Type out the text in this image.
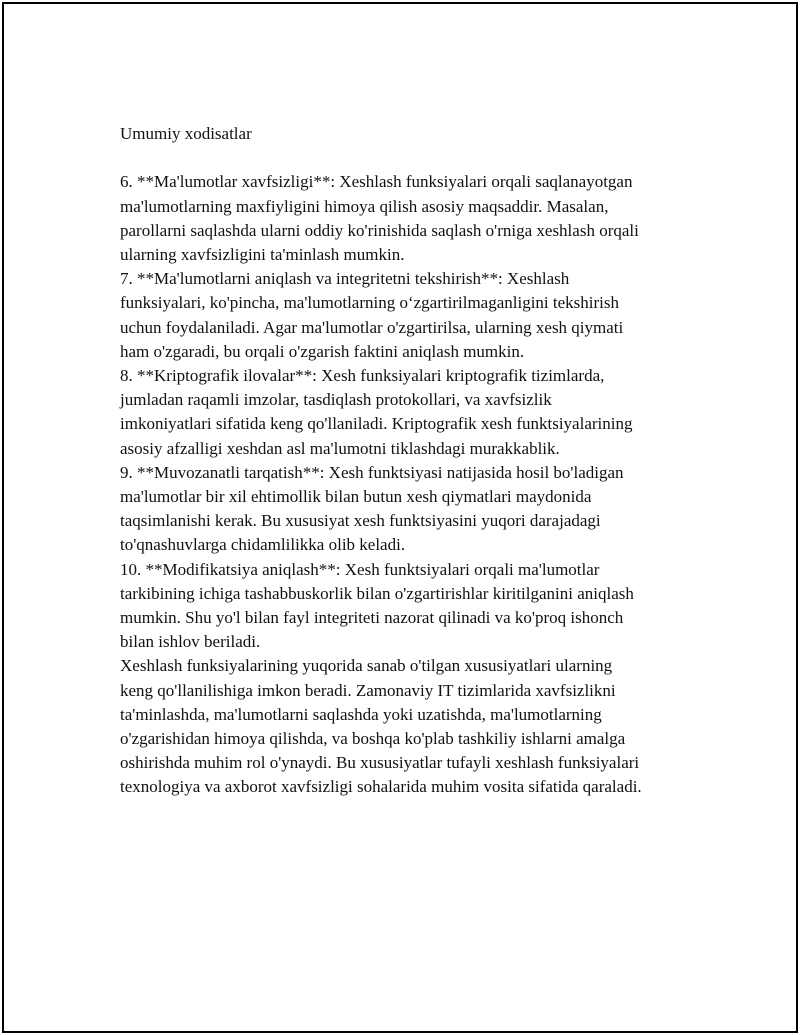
Umumiy xodisatlar

6. **Ma'lumotlar xavfsizligi**: Xeshlash funksiyalari orqali saqlanayotgan
ma'lumotlarning maxfiyligini himoya qilish asosiy maqsaddir. Masalan,
parollarni saqlashda ularni oddiy ko'rinishida saqlash o'rniga xeshlash orqali
ularning xavfsizligini ta'minlash mumkin.

7. **Ma'lumotlarni aniqlash va integritetni tekshirish**: Xeshlash
funksiyalari, ko'pincha, ma'lumotlarning o‘zgartirilmaganligini tekshirish
uchun foydalaniladi. Agar ma'lumotlar o'zgartirilsa, ularning xesh qiymati
ham o'zgaradi, bu orqali o'zgarish faktini aniqlash mumkin.

8. **Kriptografik ilovalar**: Xesh funksiyalari kriptografik tizimlarda,
jumladan raqamli imzolar, tasdiqlash protokollari, va xavfsizlik
imkoniyatlari sifatida keng qo'llaniladi. Kriptografik xesh funktsiyalarining
asosiy afzalligi xeshdan asl ma'lumotni tiklashdagi murakkablik.

9. **Muvozanatli tarqatish**: Xesh funktsiyasi natijasida hosil bo'ladigan
ma'lumotlar bir xil ehtimollik bilan butun xesh qiymatlari maydonida
taqsimlanishi kerak. Bu xususiyat xesh funktsiyasini yuqori darajadagi
to'qnashuvlarga chidamlilikka olib keladi.

10. **Modifikatsiya aniqlash**: Xesh funktsiyalari orqali ma'lumotlar
tarkibining ichiga tashabbuskorlik bilan o'zgartirishlar kiritilganini aniqlash
mumkin. Shu yo'l bilan fayl integriteti nazorat qilinadi va ko'proq ishonch
bilan ishlov beriladi.

Xeshlash funksiyalarining yuqorida sanab o'tilgan xususiyatlari ularning
keng qo'llanilishiga imkon beradi. Zamonaviy IT tizimlarida xavfsizlikni
ta'minlashda, ma'lumotlarni saqlashda yoki uzatishda, ma'lumotlarning
o'zgarishidan himoya qilishda, va boshqa ko'plab tashkiliy ishlarni amalga
oshirishda muhim rol o'ynaydi. Bu xususiyatlar tufayli xeshlash funksiyalari
texnologiya va axborot xavfsizligi sohalarida muhim vosita sifatida qaraladi.
